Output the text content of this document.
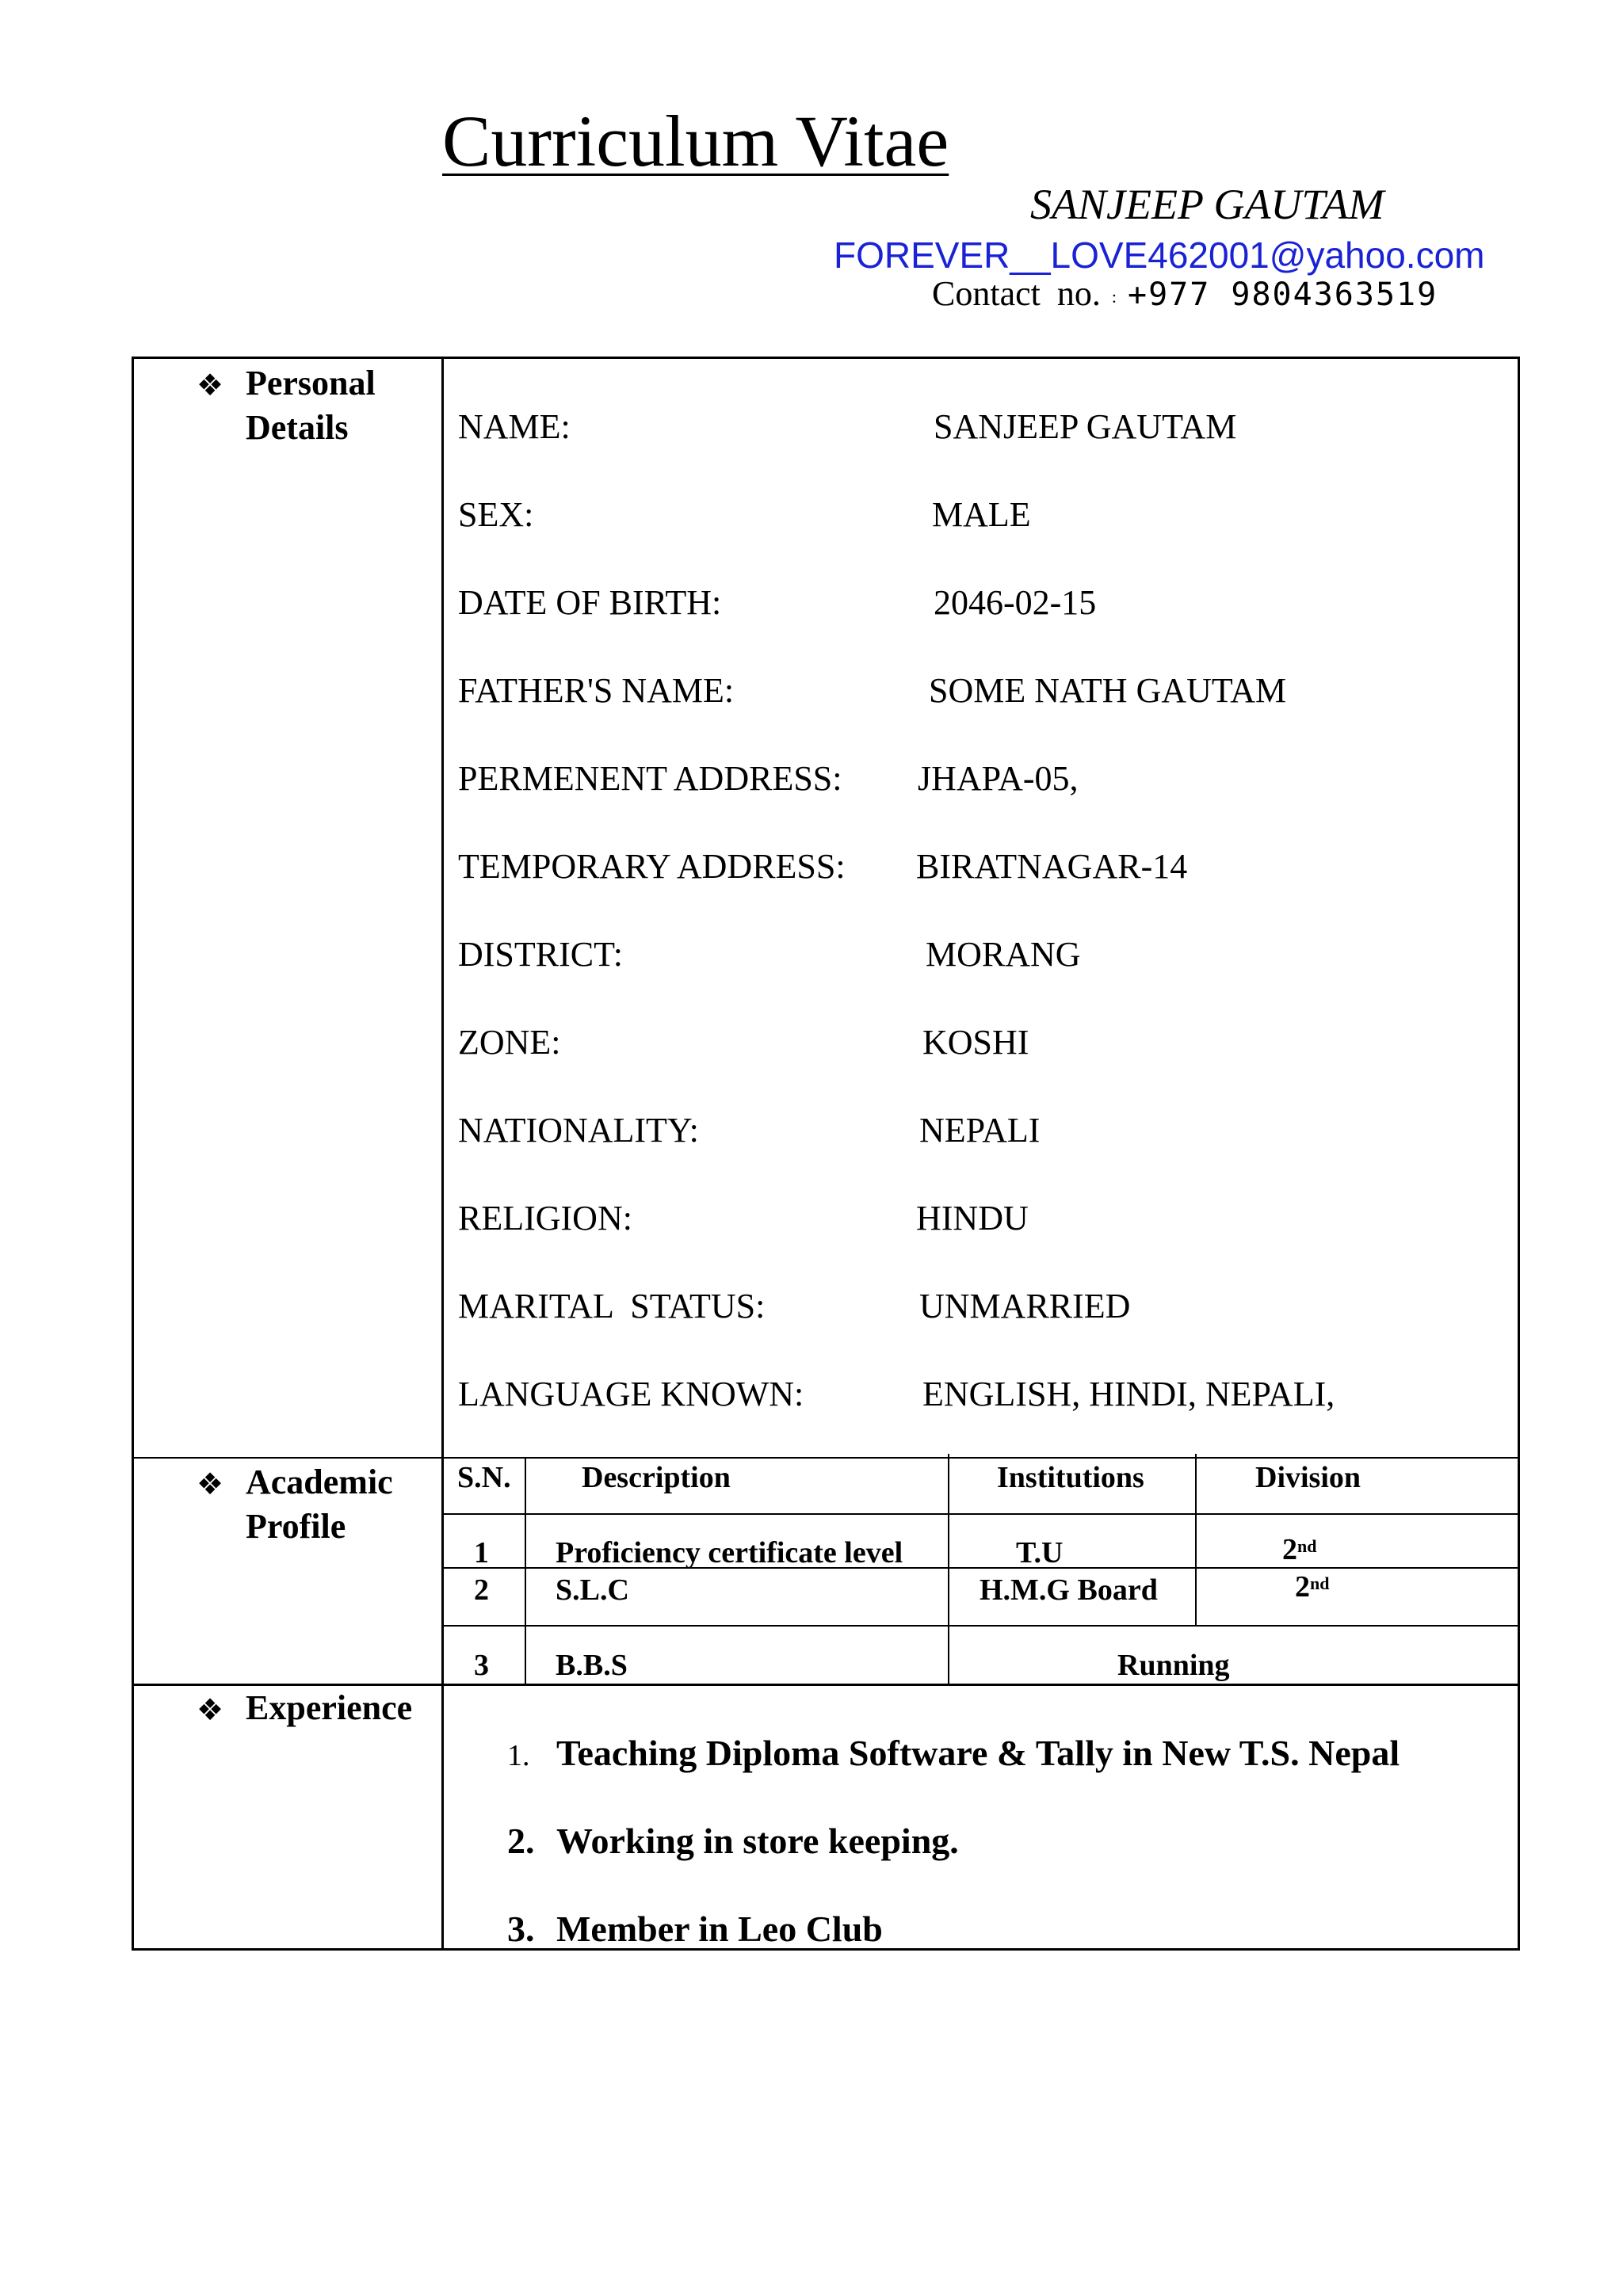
Curriculum Vitae
SANJEEP GAUTAM
FOREVER__LOVE462001@yahoo.com
Contact no. : +977 9804363519
❖ Personal
Details
❖ Academic
Profile
❖ Experience
NAME:	SANJEEP GAUTAM
SEX:	MALE
DATE OF BIRTH:	2046-02-15
FATHER'S NAME:	SOME NATH GAUTAM
PERMENENT ADDRESS: JHAPA-05,
TEMPORARY ADDRESS: BIRATNAGAR-14
DISTRICT:	MORANG
ZONE:	KOSHI
NATIONALITY:	NEPALI
RELIGION:	HINDU
MARITAL  STATUS:	UNMARRIED
LANGUAGE KNOWN:	ENGLISH, HINDI, NEPALI,
S.N. Description	Institutions	Division
1 Proficiency certificate level	T.U	2nd
2 S.L.C	H.M.G Board	2nd
3 B.B.S	Running
1. Teaching Diploma Software & Tally in New T.S. Nepal
2. Working in store keeping.
3. Member in Leo Club
